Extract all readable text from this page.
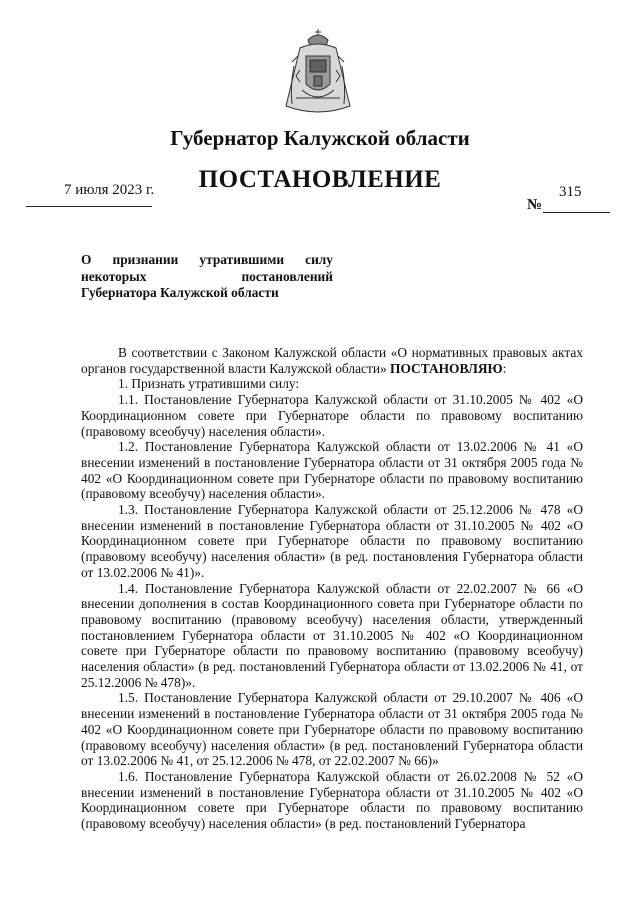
Губернатор Калужской области
7 июля 2023 г.	ПОСТАНОВЛЕНИЕ
№
315
О признании утратившими силу
некоторых постановлений
Губернатора Калужской области

В соответствии с Законом Калужской области «О нормативных правовых актах органов государственной власти Калужской области» ПОСТАНОВЛЯЮ:

1. Признать утратившими силу:

1.1. Постановление Губернатора Калужской области от 31.10.2005 № 402 «О Координационном совете при Губернаторе области по правовому воспитанию (правовому всеобучу) населения области».

1.2. Постановление Губернатора Калужской области от 13.02.2006 № 41 «О внесении изменений в постановление Губернатора области от 31 октября 2005 года № 402 «О Координационном совете при Губернаторе области по правовому воспитанию (правовому всеобучу) населения области».

1.3. Постановление Губернатора Калужской области от 25.12.2006 № 478 «О внесении изменений в постановление Губернатора области от 31.10.2005 № 402 «О Координационном совете при Губернаторе области по правовому воспитанию (правовому всеобучу) населения области» (в ред. постановления Губернатора области от 13.02.2006 № 41)».

1.4. Постановление Губернатора Калужской области от 22.02.2007 № 66 «О внесении дополнения в состав Координационного совета при Губернаторе области по правовому воспитанию (правовому всеобучу) населения области, утвержденный постановлением Губернатора области от 31.10.2005 № 402 «О Координационном совете при Губернаторе области по правовому воспитанию (правовому всеобучу) населения области» (в ред. постановлений Губернатора области от 13.02.2006 № 41, от 25.12.2006 № 478)».

1.5. Постановление Губернатора Калужской области от 29.10.2007 № 406 «О внесении изменений в постановление Губернатора области от 31 октября 2005 года № 402 «О Координационном совете при Губернаторе области по правовому воспитанию (правовому всеобучу) населения области» (в ред. постановлений Губернатора области от 13.02.2006 № 41, от 25.12.2006 № 478, от 22.02.2007 № 66)»

1.6. Постановление Губернатора Калужской области от 26.02.2008 № 52 «О внесении изменений в постановление Губернатора области от 31.10.2005 № 402 «О Координационном совете при Губернаторе области по правовому воспитанию (правовому всеобучу) населения области» (в ред. постановлений Губернатора
